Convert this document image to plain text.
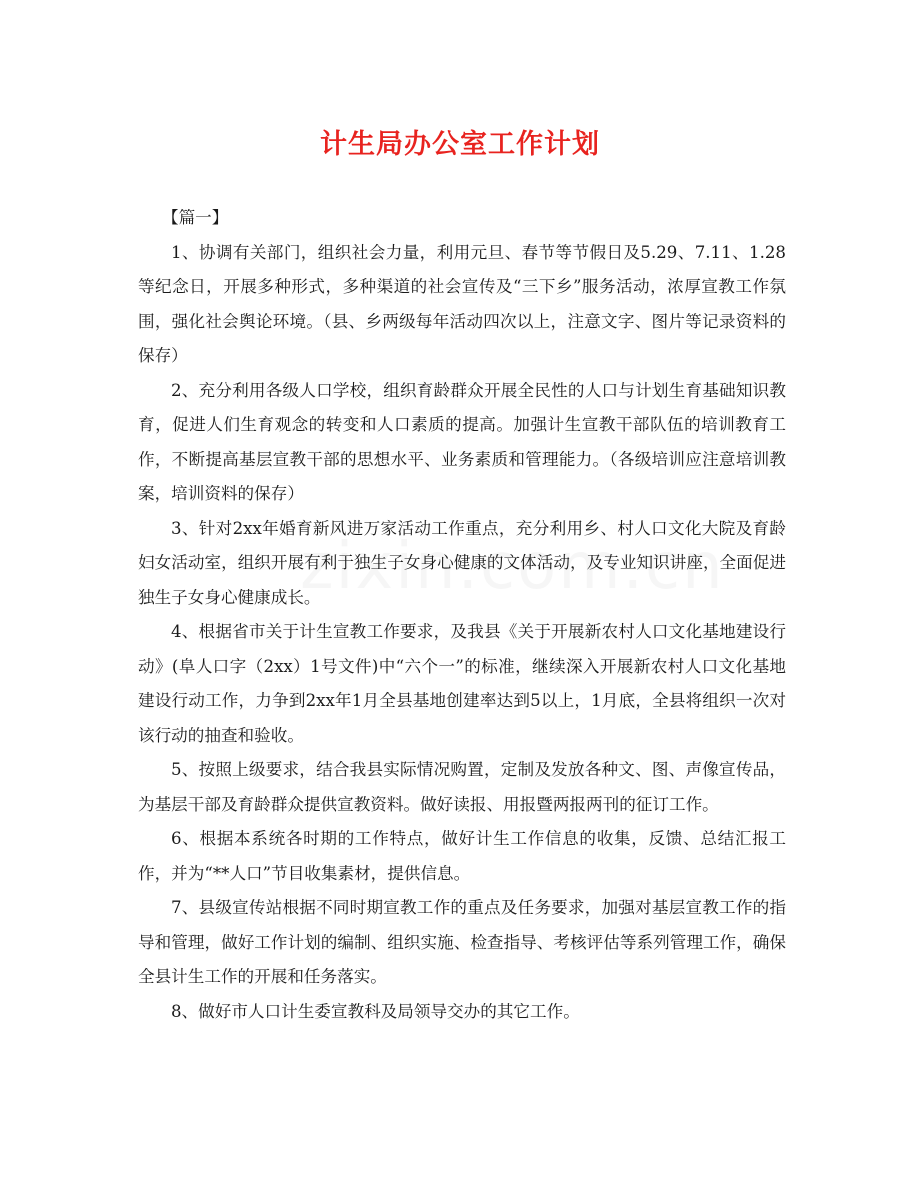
计生局办公室工作计划

【篇一】

1、协调有关部门，组织社会力量，利用元旦、春节等节假日及5.29、7.11、1.28等纪念日，开展多种形式，多种渠道的社会宣传及“三下乡”服务活动，浓厚宣教工作氛围，强化社会舆论环境。（县、乡两级每年活动四次以上，注意文字、图片等记录资料的保存）

2、充分利用各级人口学校，组织育龄群众开展全民性的人口与计划生育基础知识教育，促进人们生育观念的转变和人口素质的提高。加强计生宣教干部队伍的培训教育工作，不断提高基层宣教干部的思想水平、业务素质和管理能力。（各级培训应注意培训教案，培训资料的保存）

3、针对2xx年婚育新风进万家活动工作重点，充分利用乡、村人口文化大院及育龄妇女活动室，组织开展有利于独生子女身心健康的文体活动，及专业知识讲座，全面促进独生子女身心健康成长。

4、根据省市关于计生宣教工作要求，及我县《关于开展新农村人口文化基地建设行动》(阜人口字（2xx）1号文件)中“六个一”的标准，继续深入开展新农村人口文化基地建设行动工作，力争到2xx年1月全县基地创建率达到5以上，1月底，全县将组织一次对该行动的抽查和验收。

5、按照上级要求，结合我县实际情况购置，定制及发放各种文、图、声像宣传品，为基层干部及育龄群众提供宣教资料。做好读报、用报暨两报两刊的征订工作。

6、根据本系统各时期的工作特点，做好计生工作信息的收集，反馈、总结汇报工作，并为“**人口”节目收集素材，提供信息。

7、县级宣传站根据不同时期宣教工作的重点及任务要求，加强对基层宣教工作的指导和管理，做好工作计划的编制、组织实施、检查指导、考核评估等系列管理工作，确保全县计生工作的开展和任务落实。

8、做好市人口计生委宣教科及局领导交办的其它工作。
